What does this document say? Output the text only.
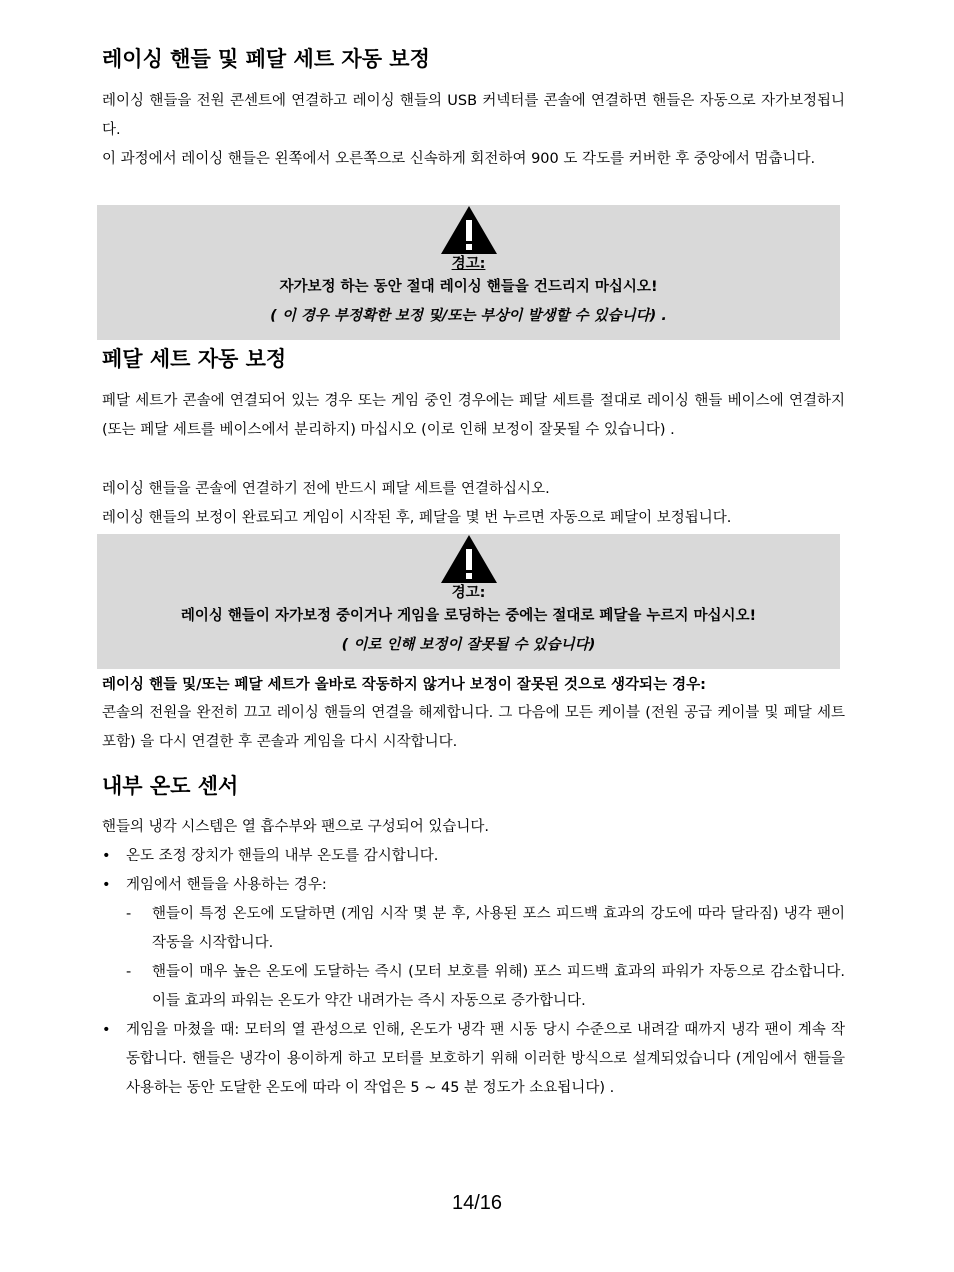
레이싱 핸들 및 페달 세트 자동 보정

레이싱 핸들을 전원 콘센트에 연결하고 레이싱 핸들의 USB 커넥터를 콘솔에 연결하면 핸들은 자동으로 자가보정됩니다.

이 과정에서 레이싱 핸들은 왼쪽에서 오른쪽으로 신속하게 회전하여 900 도 각도를 커버한 후 중앙에서 멈춥니다.

경고:
자가보정 하는 동안 절대 레이싱 핸들을 건드리지 마십시오!
( 이 경우 부정확한 보정 및/또는 부상이 발생할 수 있습니다) .
페달 세트 자동 보정

페달 세트가 콘솔에 연결되어 있는 경우 또는 게임 중인 경우에는 페달 세트를 절대로 레이싱 핸들 베이스에 연결하지 (또는 페달 세트를 베이스에서 분리하지) 마십시오 (이로 인해 보정이 잘못될 수 있습니다) .

레이싱 핸들을 콘솔에 연결하기 전에 반드시 페달 세트를 연결하십시오.

레이싱 핸들의 보정이 완료되고 게임이 시작된 후, 페달을 몇 번 누르면 자동으로 페달이 보정됩니다.

경고:
레이싱 핸들이 자가보정 중이거나 게임을 로딩하는 중에는 절대로 페달을 누르지 마십시오!
( 이로 인해 보정이 잘못될 수 있습니다)

레이싱 핸들 및/또는 페달 세트가 올바로 작동하지 않거나 보정이 잘못된 것으로 생각되는 경우:

콘솔의 전원을 완전히 끄고 레이싱 핸들의 연결을 해제합니다. 그 다음에 모든 케이블 (전원 공급 케이블 및 페달 세트 포함) 을 다시 연결한 후 콘솔과 게임을 다시 시작합니다.

내부 온도 센서

핸들의 냉각 시스템은 열 흡수부와 팬으로 구성되어 있습니다.

• 온도 조정 장치가 핸들의 내부 온도를 감시합니다.
• 게임에서 핸들을 사용하는 경우:
- 핸들이 특정 온도에 도달하면 (게임 시작 몇 분 후, 사용된 포스 피드백 효과의 강도에 따라 달라짐) 냉각 팬이 작동을 시작합니다.
- 핸들이 매우 높은 온도에 도달하는 즉시 (모터 보호를 위해) 포스 피드백 효과의 파워가 자동으로 감소합니다. 이들 효과의 파워는 온도가 약간 내려가는 즉시 자동으로 증가합니다.
• 게임을 마쳤을 때: 모터의 열 관성으로 인해, 온도가 냉각 팬 시동 당시 수준으로 내려갈 때까지 냉각 팬이 계속 작동합니다. 핸들은 냉각이 용이하게 하고 모터를 보호하기 위해 이러한 방식으로 설계되었습니다 (게임에서 핸들을 사용하는 동안 도달한 온도에 따라 이 작업은 5 ~ 45 분 정도가 소요됩니다) .
14/16
